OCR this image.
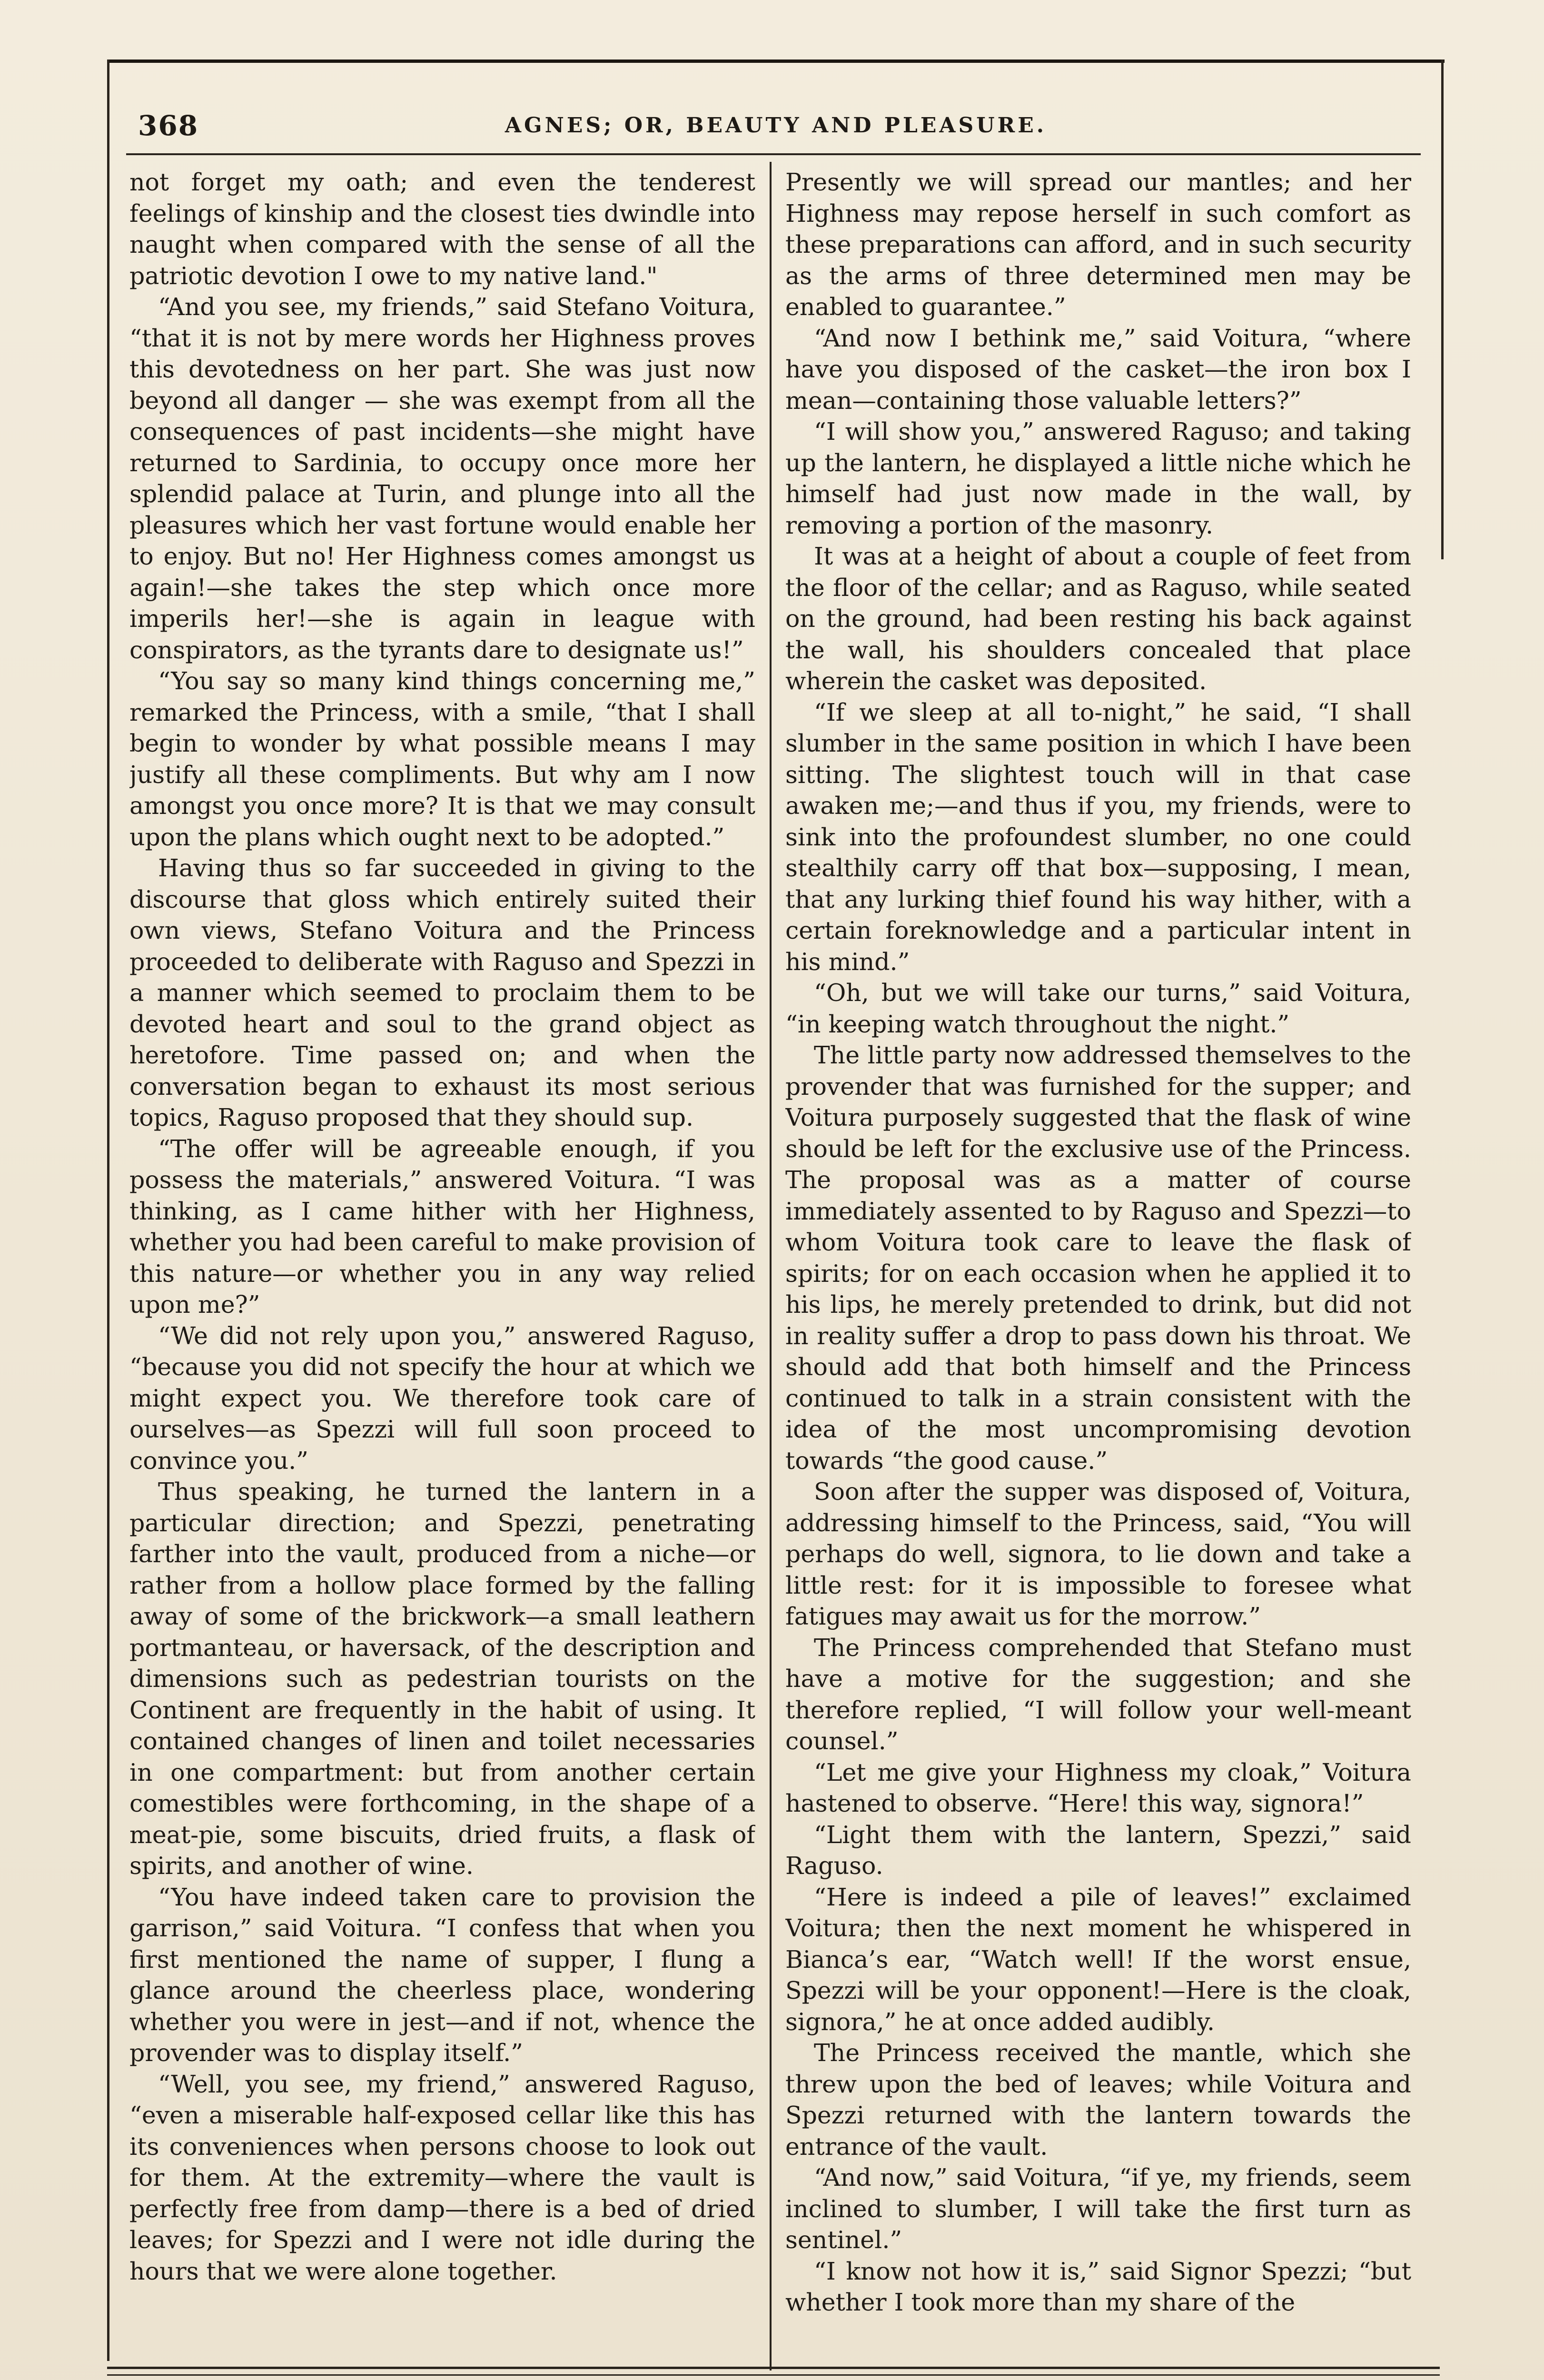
368	AGNES; OR, BEAUTY AND PLEASURE.

not forget my oath; and even the tenderest feelings of kinship and the closest ties dwindle into naught when compared with the sense of all the patriotic devotion I owe to my native land."

“And you see, my friends,” said Stefano Voitura, “that it is not by mere words her Highness proves this devotedness on her part. She was just now beyond all danger — she was exempt from all the consequences of past incidents—she might have returned to Sardinia, to occupy once more her splendid palace at Turin, and plunge into all the pleasures which her vast fortune would enable her to enjoy. But no! Her Highness comes amongst us again!—she takes the step which once more imperils her!—she is again in league with conspirators, as the tyrants dare to designate us!”

“You say so many kind things concerning me,” remarked the Princess, with a smile, “that I shall begin to wonder by what possible means I may justify all these compliments. But why am I now amongst you once more? It is that we may consult upon the plans which ought next to be adopted.”

Having thus so far succeeded in giving to the discourse that gloss which entirely suited their own views, Stefano Voitura and the Princess proceeded to deliberate with Raguso and Spezzi in a manner which seemed to proclaim them to be devoted heart and soul to the grand object as heretofore. Time passed on; and when the conversation began to exhaust its most serious topics, Raguso proposed that they should sup.

“The offer will be agreeable enough, if you possess the materials,” answered Voitura. “I was thinking, as I came hither with her Highness, whether you had been careful to make provision of this nature—or whether you in any way relied upon me?”

“We did not rely upon you,” answered Raguso, “because you did not specify the hour at which we might expect you. We therefore took care of ourselves—as Spezzi will full soon proceed to convince you.”

Thus speaking, he turned the lantern in a particular direction; and Spezzi, penetrating farther into the vault, produced from a niche—or rather from a hollow place formed by the falling away of some of the brickwork—a small leathern portmanteau, or haversack, of the description and dimensions such as pedestrian tourists on the Continent are frequently in the habit of using. It contained changes of linen and toilet necessaries in one compartment: but from another certain comestibles were forthcoming, in the shape of a meat-pie, some biscuits, dried fruits, a flask of spirits, and another of wine.

“You have indeed taken care to provision the garrison,” said Voitura. “I confess that when you first mentioned the name of supper, I flung a glance around the cheerless place, wondering whether you were in jest—and if not, whence the provender was to display itself.”

“Well, you see, my friend,” answered Raguso, “even a miserable half-exposed cellar like this has its conveniences when persons choose to look out for them. At the extremity—where the vault is perfectly free from damp—there is a bed of dried leaves; for Spezzi and I were not idle during the hours that we were alone together.

Presently we will spread our mantles; and her Highness may repose herself in such comfort as these preparations can afford, and in such security as the arms of three determined men may be enabled to guarantee.”

“And now I bethink me,” said Voitura, “where have you disposed of the casket—the iron box I mean—containing those valuable letters?”

“I will show you,” answered Raguso; and taking up the lantern, he displayed a little niche which he himself had just now made in the wall, by removing a portion of the masonry.

It was at a height of about a couple of feet from the floor of the cellar; and as Raguso, while seated on the ground, had been resting his back against the wall, his shoulders concealed that place wherein the casket was deposited.

“If we sleep at all to-night,” he said, “I shall slumber in the same position in which I have been sitting. The slightest touch will in that case awaken me;—and thus if you, my friends, were to sink into the profoundest slumber, no one could stealthily carry off that box—supposing, I mean, that any lurking thief found his way hither, with a certain foreknowledge and a particular intent in his mind.”

“Oh, but we will take our turns,” said Voitura, “in keeping watch throughout the night.”

The little party now addressed themselves to the provender that was furnished for the supper; and Voitura purposely suggested that the flask of wine should be left for the exclusive use of the Princess. The proposal was as a matter of course immediately assented to by Raguso and Spezzi—to whom Voitura took care to leave the flask of spirits; for on each occasion when he applied it to his lips, he merely pretended to drink, but did not in reality suffer a drop to pass down his throat. We should add that both himself and the Princess continued to talk in a strain consistent with the idea of the most uncompromising devotion towards “the good cause.”

Soon after the supper was disposed of, Voitura, addressing himself to the Princess, said, “You will perhaps do well, signora, to lie down and take a little rest: for it is impossible to foresee what fatigues may await us for the morrow.”

The Princess comprehended that Stefano must have a motive for the suggestion; and she therefore replied, “I will follow your well-meant counsel.”

“Let me give your Highness my cloak,” Voitura hastened to observe. “Here! this way, signora!”

“Light them with the lantern, Spezzi,” said Raguso.

“Here is indeed a pile of leaves!” exclaimed Voitura; then the next moment he whispered in Bianca’s ear, “Watch well! If the worst ensue, Spezzi will be your opponent!—Here is the cloak, signora,” he at once added audibly.

The Princess received the mantle, which she threw upon the bed of leaves; while Voitura and Spezzi returned with the lantern towards the entrance of the vault.

“And now,” said Voitura, “if ye, my friends, seem inclined to slumber, I will take the first turn as sentinel.”

“I know not how it is,” said Signor Spezzi; “but whether I took more than my share of the
